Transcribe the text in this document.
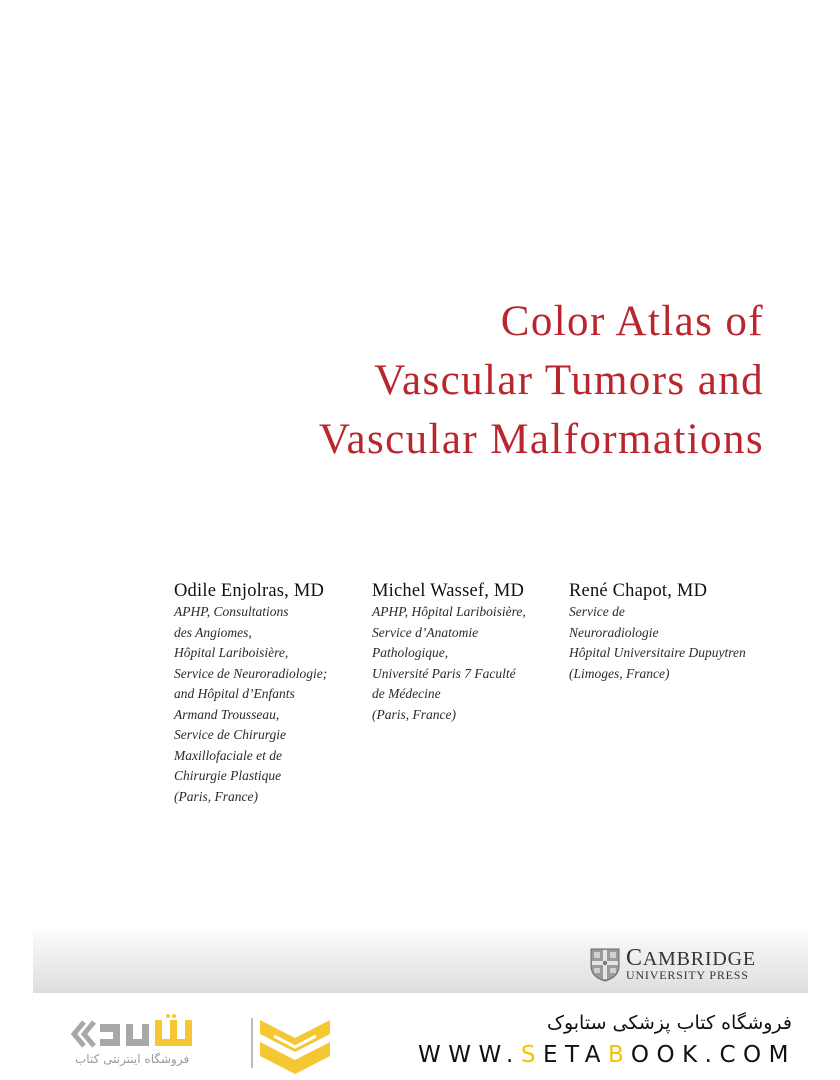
Color Atlas of
Vascular Tumors and
Vascular Malformations
Odile Enjolras, MD
APHP, Consultations
des Angiomes,
Hôpital Lariboisière,
Service de Neuroradiologie;
and Hôpital d’Enfants
Armand Trousseau,
Service de Chirurgie
Maxillofaciale et de
Chirurgie Plastique
(Paris, France)
Michel Wassef, MD
APHP, Hôpital Lariboisière,
Service d’Anatomie
Pathologique,
Université Paris 7 Faculté
de Médecine
(Paris, France)
René Chapot, MD
Service de
Neuroradiologie
Hôpital Universitaire Dupuytren
(Limoges, France)
CAMBRIDGE
UNIVERSITY PRESS
فروشگاه اینترنتی کتاب
فروشگاه کتاب پزشکی ستابوک
WWW.SETABOOK.COM
